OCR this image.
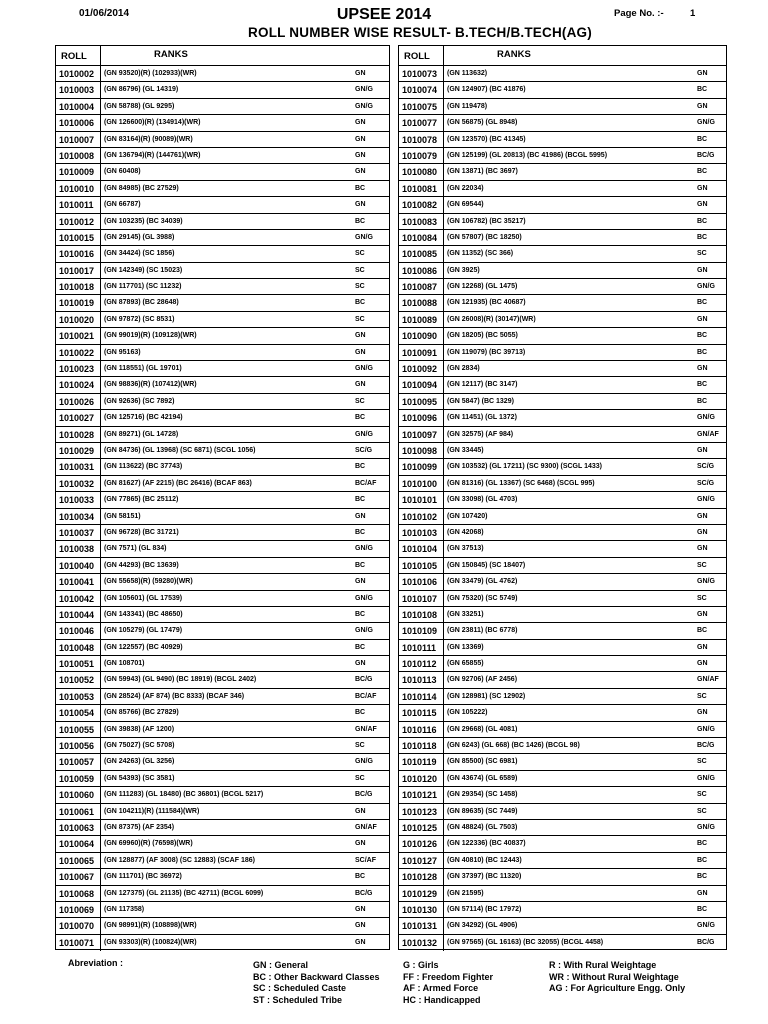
01/06/2014	UPSEE 2014
ROLL NUMBER WISE RESULT- B.TECH/B.TECH(AG)
Page No. :-	1
ROLL	RANKS
1010002	(GN 93520)(R) (102933)(WR)	GN
1010003	(GN 86796) (GL 14319)	GN/G
1010004	(GN 58788) (GL 9295)	GN/G
1010006	(GN 126600)(R) (134914)(WR)	GN
1010007	(GN 83164)(R) (90089)(WR)	GN
1010008	(GN 136794)(R) (144761)(WR)	GN
1010009	(GN 60408)	GN
1010010	(GN 84985) (BC 27529)	BC
1010011	(GN 66787)	GN
1010012	(GN 103235) (BC 34039)	BC
1010015	(GN 29145) (GL 3988)	GN/G
1010016	(GN 34424) (SC 1856)	SC
1010017	(GN 142349) (SC 15023)	SC
1010018	(GN 117701) (SC 11232)	SC
1010019	(GN 87893) (BC 28648)	BC
1010020	(GN 97872) (SC 8531)	SC
1010021	(GN 99019)(R) (109128)(WR)	GN
1010022	(GN 95163)	GN
1010023	(GN 118551) (GL 19701)	GN/G
1010024	(GN 98836)(R) (107412)(WR)	GN
1010026	(GN 92636) (SC 7892)	SC
1010027	(GN 125716) (BC 42194)	BC
1010028	(GN 89271) (GL 14728)	GN/G
1010029	(GN 84736) (GL 13968) (SC 6871) (SCGL 1056)	SC/G
1010031	(GN 113622) (BC 37743)	BC
1010032	(GN 81627) (AF 2215) (BC 26416) (BCAF 863)	BC/AF
1010033	(GN 77865) (BC 25112)	BC
1010034	(GN 58151)	GN
1010037	(GN 96728) (BC 31721)	BC
1010038	(GN 7571) (GL 834)	GN/G
1010040	(GN 44293) (BC 13639)	BC
1010041	(GN 55658)(R) (59280)(WR)	GN
1010042	(GN 105601) (GL 17539)	GN/G
1010044	(GN 143341) (BC 48650)	BC
1010046	(GN 105279) (GL 17479)	GN/G
1010048	(GN 122557) (BC 40929)	BC
1010051	(GN 108701)	GN
1010052	(GN 59943) (GL 9490) (BC 18919) (BCGL 2402)	BC/G
1010053	(GN 28524) (AF 874) (BC 8333) (BCAF 346)	BC/AF
1010054	(GN 85766) (BC 27829)	BC
1010055	(GN 39838) (AF 1200)	GN/AF
1010056	(GN 75027) (SC 5708)	SC
1010057	(GN 24263) (GL 3256)	GN/G
1010059	(GN 54393) (SC 3581)	SC
1010060	(GN 111283) (GL 18480) (BC 36801) (BCGL 5217)	BC/G
1010061	(GN 104211)(R) (111584)(WR)	GN
1010063	(GN 87375) (AF 2354)	GN/AF
1010064	(GN 69960)(R) (76598)(WR)	GN
1010065	(GN 128877) (AF 3008) (SC 12883) (SCAF 186)	SC/AF
1010067	(GN 111701) (BC 36972)	BC
1010068	(GN 127375) (GL 21135) (BC 42711) (BCGL 6099)	BC/G
1010069	(GN 117358)	GN
1010070	(GN 98991)(R) (108898)(WR)	GN
1010071	(GN 93303)(R) (100824)(WR)	GN
ROLL	RANKS
1010073	(GN 113632)	GN
1010074	(GN 124907) (BC 41876)	BC
1010075	(GN 119478)	GN
1010077	(GN 56875) (GL 8948)	GN/G
1010078	(GN 123570) (BC 41345)	BC
1010079	(GN 125199) (GL 20813) (BC 41986) (BCGL 5995)	BC/G
1010080	(GN 13871) (BC 3697)	BC
1010081	(GN 22034)	GN
1010082	(GN 69544)	GN
1010083	(GN 106782) (BC 35217)	BC
1010084	(GN 57807) (BC 18250)	BC
1010085	(GN 11352) (SC 366)	SC
1010086	(GN 3925)	GN
1010087	(GN 12268) (GL 1475)	GN/G
1010088	(GN 121935) (BC 40687)	BC
1010089	(GN 26008)(R) (30147)(WR)	GN
1010090	(GN 18205) (BC 5055)	BC
1010091	(GN 119079) (BC 39713)	BC
1010092	(GN 2834)	GN
1010094	(GN 12117) (BC 3147)	BC
1010095	(GN 5847) (BC 1329)	BC
1010096	(GN 11451) (GL 1372)	GN/G
1010097	(GN 32575) (AF 984)	GN/AF
1010098	(GN 33445)	GN
1010099	(GN 103532) (GL 17211) (SC 9300) (SCGL 1433)	SC/G
1010100	(GN 81316) (GL 13367) (SC 6468) (SCGL 995)	SC/G
1010101	(GN 33098) (GL 4703)	GN/G
1010102	(GN 107420)	GN
1010103	(GN 42068)	GN
1010104	(GN 37513)	GN
1010105	(GN 150845) (SC 18407)	SC
1010106	(GN 33479) (GL 4762)	GN/G
1010107	(GN 75320) (SC 5749)	SC
1010108	(GN 33251)	GN
1010109	(GN 23811) (BC 6778)	BC
1010111	(GN 13369)	GN
1010112	(GN 65855)	GN
1010113	(GN 92706) (AF 2456)	GN/AF
1010114	(GN 128981) (SC 12902)	SC
1010115	(GN 105222)	GN
1010116	(GN 29668) (GL 4081)	GN/G
1010118	(GN 6243) (GL 668) (BC 1426) (BCGL 98)	BC/G
1010119	(GN 85500) (SC 6981)	SC
1010120	(GN 43674) (GL 6589)	GN/G
1010121	(GN 29354) (SC 1458)	SC
1010123	(GN 89635) (SC 7449)	SC
1010125	(GN 48824) (GL 7503)	GN/G
1010126	(GN 122336) (BC 40837)	BC
1010127	(GN 40810) (BC 12443)	BC
1010128	(GN 37397) (BC 11320)	BC
1010129	(GN 21595)	GN
1010130	(GN 57114) (BC 17972)	BC
1010131	(GN 34292) (GL 4906)	GN/G
1010132	(GN 97565) (GL 16163) (BC 32055) (BCGL 4458)	BC/G
Abreviation :	GN : General
BC : Other Backward Classes
SC : Scheduled Caste
ST : Scheduled Tribe
G : Girls
FF : Freedom Fighter
AF : Armed Force
HC : Handicapped
R : With Rural Weightage
WR : Without Rural Weightage
AG : For Agriculture Engg. Only
